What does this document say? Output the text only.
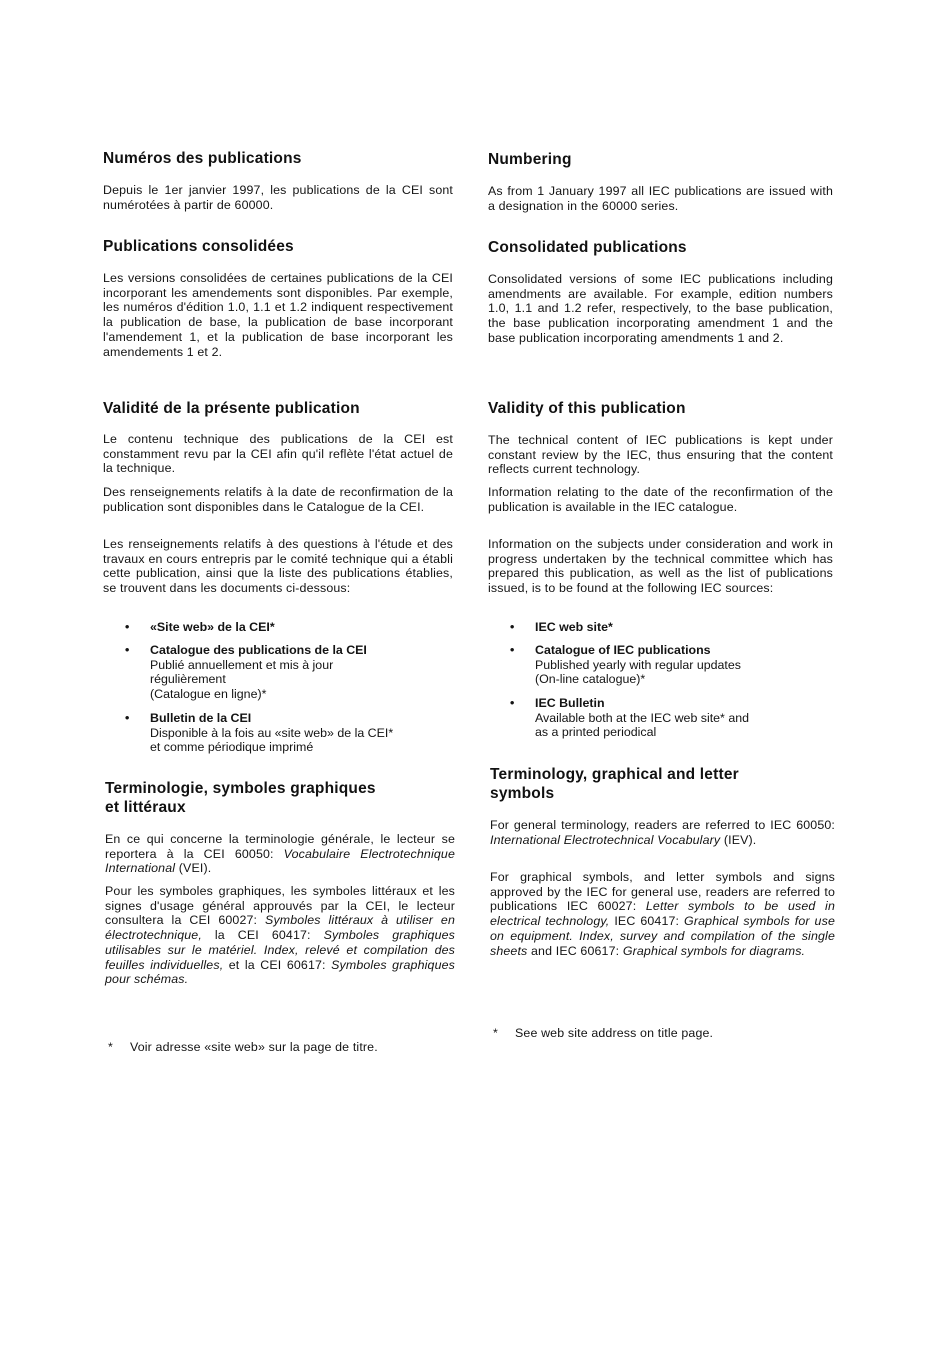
Numéros des publications

Depuis le 1er janvier 1997, les publications de la CEI sont numérotées à partir de 60000.

Publications consolidées

Les versions consolidées de certaines publications de la CEI incorporant les amendements sont disponibles. Par exemple, les numéros d'édition 1.0, 1.1 et 1.2 indiquent respectivement la publication de base, la publication de base incorporant l'amendement 1, et la publication de base incorporant les amendements 1 et 2.

Validité de la présente publication

Le contenu technique des publications de la CEI est constamment revu par la CEI afin qu'il reflète l'état actuel de la technique.

Des renseignements relatifs à la date de reconfirmation de la publication sont disponibles dans le Catalogue de la CEI.

Les renseignements relatifs à des questions à l'étude et des travaux en cours entrepris par le comité technique qui a établi cette publication, ainsi que la liste des publications établies, se trouvent dans les documents ci-dessous:

• «Site web» de la CEI*
• Catalogue des publications de la CEI
Publié annuellement et mis à jour
régulièrement
(Catalogue en ligne)*
• Bulletin de la CEI
Disponible à la fois au «site web» de la CEI*
et comme périodique imprimé
Terminologie, symboles graphiques
et littéraux

En ce qui concerne la terminologie générale, le lecteur se reportera à la CEI 60050: Vocabulaire Electrotechnique International (VEI).

Pour les symboles graphiques, les symboles littéraux et les signes d'usage général approuvés par la CEI, le lecteur consultera la CEI 60027: Symboles littéraux à utiliser en électrotechnique, la CEI 60417: Symboles graphiques utilisables sur le matériel. Index, relevé et compilation des feuilles individuelles, et la CEI 60617: Symboles graphiques pour schémas.

* Voir adresse «site web» sur la page de titre.
Numbering

As from 1 January 1997 all IEC publications are issued with a designation in the 60000 series.

Consolidated publications

Consolidated versions of some IEC publications including amendments are available. For example, edition numbers 1.0, 1.1 and 1.2 refer, respectively, to the base publication, the base publication incorporating amendment 1 and the base publication incorporating amendments 1 and 2.

Validity of this publication

The technical content of IEC publications is kept under constant review by the IEC, thus ensuring that the content reflects current technology.

Information relating to the date of the reconfirmation of the publication is available in the IEC catalogue.

Information on the subjects under consideration and work in progress undertaken by the technical committee which has prepared this publication, as well as the list of publications issued, is to be found at the following IEC sources:

• IEC web site*
• Catalogue of IEC publications
Published yearly with regular updates
(On-line catalogue)*
• IEC Bulletin
Available both at the IEC web site* and
as a printed periodical
Terminology, graphical and letter
symbols

For general terminology, readers are referred to IEC 60050: International Electrotechnical Vocabulary (IEV).

For graphical symbols, and letter symbols and signs approved by the IEC for general use, readers are referred to publications IEC 60027: Letter symbols to be used in electrical technology, IEC 60417: Graphical symbols for use on equipment. Index, survey and compilation of the single sheets and IEC 60617: Graphical symbols for diagrams.

* See web site address on title page.
